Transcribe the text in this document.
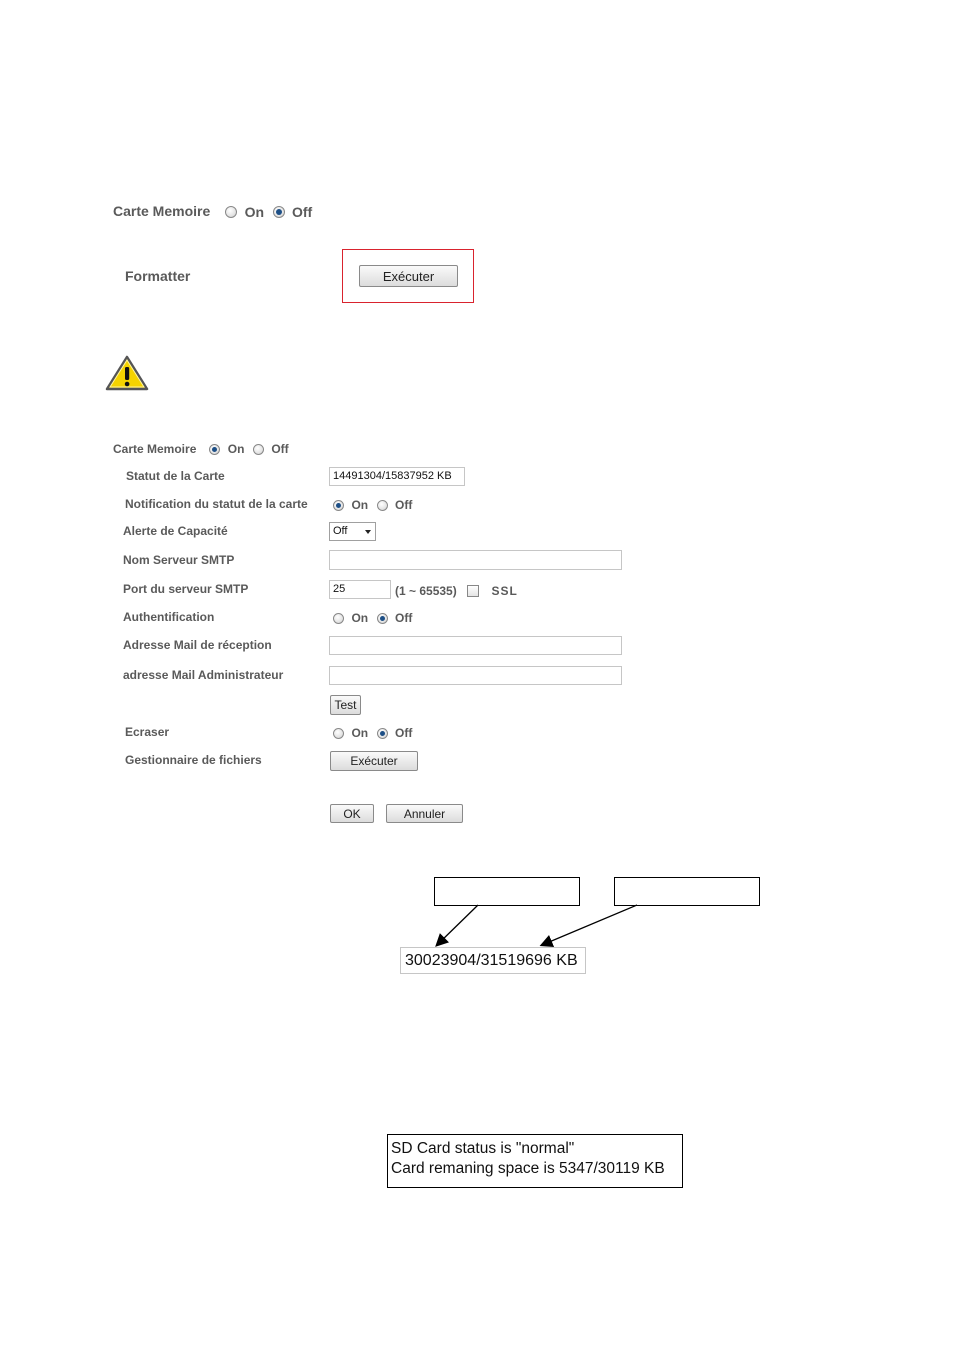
Carte Memoire On Off
Formatter	Exécuter
Carte Memoire	On Off
Statut de la Carte	14491304/15837952 KB
Notification du statut de la carte	On Off
Alerte de Capacité	Off
Nom Serveur SMTP
Port du serveur SMTP	25	(1 ~ 65535)	SSL
Authentification	On Off
Adresse Mail de réception
adresse Mail Administrateur
Test
Ecraser	On Off
Gestionnaire de fichiers	Exécuter
OK	Annuler
30023904/31519696 KB
SD Card status is "normal"
Card remaning space is 5347/30119 KB
